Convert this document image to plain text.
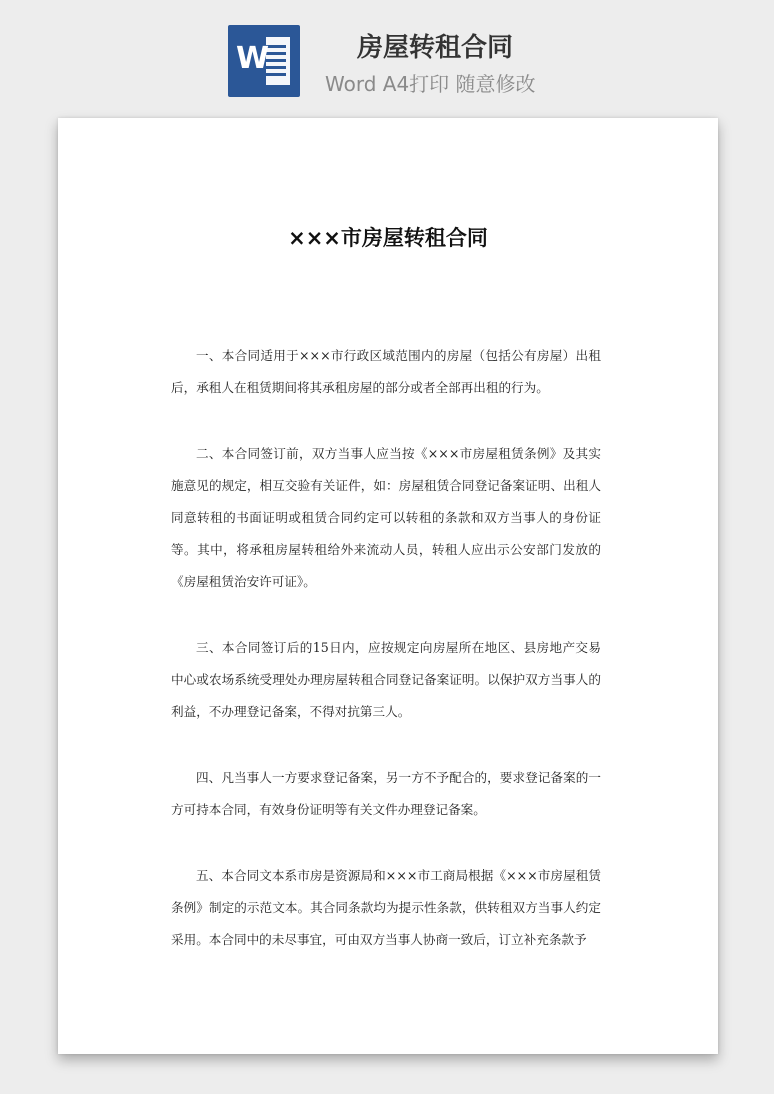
W	房屋转租合同
Word A4打印 随意修改
×××市房屋转租合同

一、本合同适用于×××市行政区域范围内的房屋（包括公有房屋）出租后，承租人在租赁期间将其承租房屋的部分或者全部再出租的行为。

二、本合同签订前，双方当事人应当按《×××市房屋租赁条例》及其实施意见的规定，相互交验有关证件，如：房屋租赁合同登记备案证明、出租人同意转租的书面证明或租赁合同约定可以转租的条款和双方当事人的身份证等。其中，将承租房屋转租给外来流动人员，转租人应出示公安部门发放的《房屋租赁治安许可证》。

三、本合同签订后的15日内，应按规定向房屋所在地区、县房地产交易中心或农场系统受理处办理房屋转租合同登记备案证明。以保护双方当事人的利益，不办理登记备案，不得对抗第三人。

四、凡当事人一方要求登记备案，另一方不予配合的，要求登记备案的一方可持本合同，有效身份证明等有关文件办理登记备案。

五、本合同文本系市房是资源局和×××市工商局根据《×××市房屋租赁条例》制定的示范文本。其合同条款均为提示性条款，供转租双方当事人约定采用。本合同中的未尽事宜，可由双方当事人协商一致后，订立补充条款予
